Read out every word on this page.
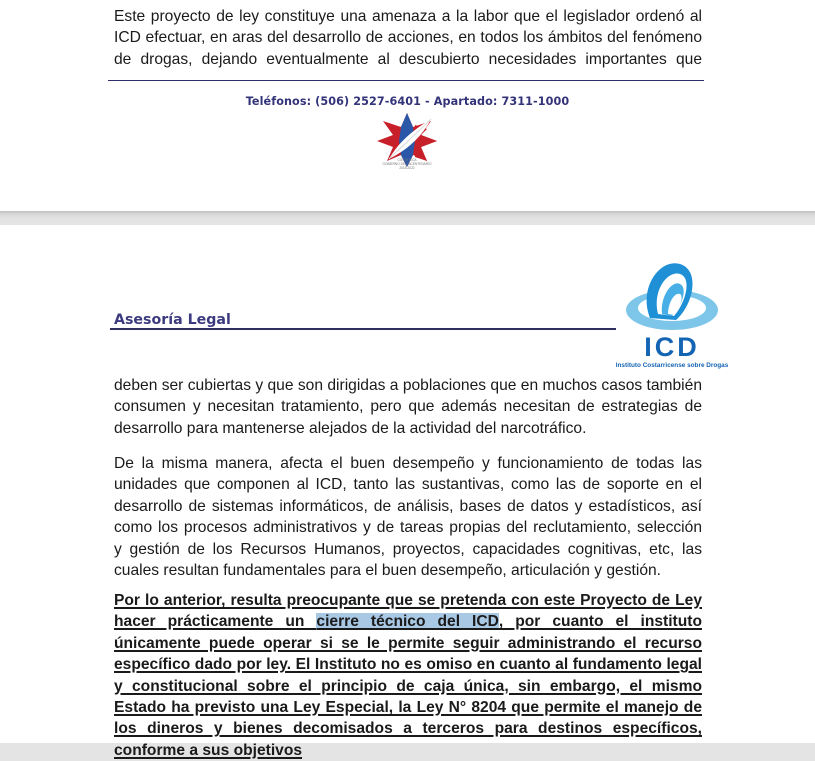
Este proyecto de ley constituye una amenaza a la labor que el legislador ordenó al
ICD efectuar, en aras del desarrollo de acciones, en todos los ámbitos del fenómeno
de drogas, dejando eventualmente al descubierto necesidades importantes que
Teléfonos: (506) 2527-6401 - Apartado: 7311-1000
COSTA RICA
GOBIERNO DEL BICENTENARIO
2018-2022
Asesoría Legal
ICD
Instituto Costarricense sobre Drogas
deben ser cubiertas y que son dirigidas a poblaciones que en muchos casos también
consumen y necesitan tratamiento, pero que además necesitan de estrategias de
desarrollo para mantenerse alejados de la actividad del narcotráfico.
De la misma manera, afecta el buen desempeño y funcionamiento de todas las
unidades que componen al ICD, tanto las sustantivas, como las de soporte en el
desarrollo de sistemas informáticos, de análisis, bases de datos y estadísticos, así
como los procesos administrativos y de tareas propias del reclutamiento, selección
y gestión de los Recursos Humanos, proyectos, capacidades cognitivas, etc, las
cuales resultan fundamentales para el buen desempeño, articulación y gestión.
Por lo anterior, resulta preocupante que se pretenda con este Proyecto de Ley
hacer prácticamente un cierre técnico del ICD, por cuanto el instituto
únicamente puede operar si se le permite seguir administrando el recurso
específico dado por ley. El Instituto no es omiso en cuanto al fundamento legal
y constitucional sobre el principio de caja única, sin embargo, el mismo
Estado ha previsto una Ley Especial, la Ley N° 8204 que permite el manejo de
los dineros y bienes decomisados a terceros para destinos específicos,
conforme a sus objetivos
